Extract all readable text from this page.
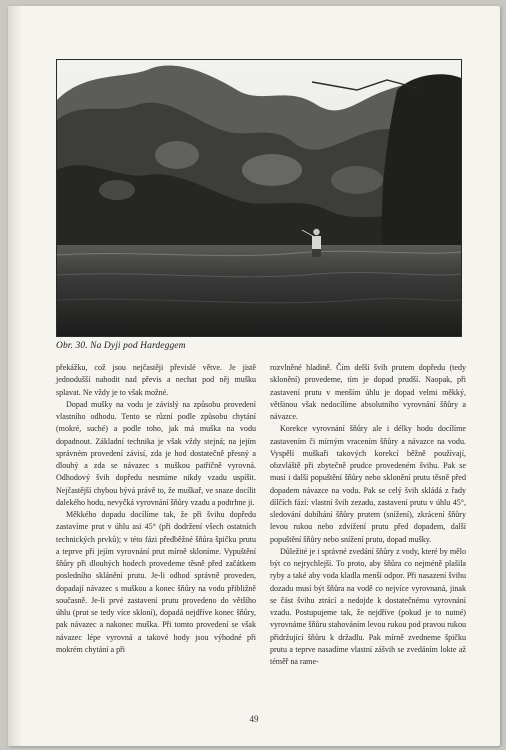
Obr. 30. Na Dyji pod Hardeggem

překážku, což jsou nejčastěji převislé větve. Je jistě jednodušší nahodit nad převis a nechat pod něj mušku splavat. Ne vždy je to však možné.

Dopad mušky na vodu je závislý na způsobu provedení vlastního odhodu. Tento se různí podle způsobu chytání (mokré, suché) a podle toho, jak má muška na vodu dopadnout. Základní technika je však vždy stejná; na jejím správném provedení závisí, zda je hod dostatečně přesný a dlouhý a zda se návazec s muškou patřičně vyrovná. Odhodový švih dopředu nesmíme nikdy vzadu uspíšit. Nejčastější chybou bývá právě to, že muškař, ve snaze docílit dalekého hodu, nevyčká vyrovnání šňůry vzadu a podtrhne ji.

Měkkého dopadu docílíme tak, že při švihu dopředu zastavíme prut v úhlu asi 45° (při dodržení všech ostatních technických prvků); v této fázi předběžné šňůra špičku prutu a teprve při jejím vyrovnání prut mírně skloníme. Vypuštění šňůry při dlouhých hodech provedeme těsně před začátkem posledního sklánění prutu. Je-li odhod správně proveden, dopadají návazec s muškou a konec šňůry na vodu přibližně současně. Je-li prvé zastavení prutu provedeno do většího úhlu (prut se tedy více skloní), dopadá nejdříve konec šňůry, pak návazec a nakonec muška. Při tomto provedení se však návazec lépe vyrovná a takové hody jsou výhodné při mokrém chytání a při

rozvlněné hladině. Čím delší švih prutem dopředu (tedy sklonění) provedeme, tím je dopad prudší. Naopak, při zastavení prutu v menším úhlu je dopad velmi měkký, většinou však nedocílíme absolutního vyrovnání šňůry a návazce.

Korekce vyrovnání šňůry ale i délky hodu docílíme zastavením či mírným vracením šňůry a návazce na vodu. Vyspělí muškaři takových korekcí běžně používají, obzvláště při zbytečně prudce provedeném švihu. Pak se musí i další popuštění šňůry nebo sklonění prutu těsně před dopadem návazce na vodu. Pak se celý švih skládá z řady dílčích fází: vlastní švih zezadu, zastavení prutu v úhlu 45°, sledování dobíhání šňůry prutem (snížení), zkrácení šňůry levou rukou nebo zdvižení prutu před dopadem, další popuštění šňůry nebo snížení prutu, dopad mušky.

Důležité je i správné zvedání šňůry z vody, které by mělo být co nejrychlejší. To proto, aby šňůra co nejméně plašila ryby a také aby voda kladla menší odpor. Při nasazení švihu dozadu musí být šňůra na vodě co nejvíce vyrovnaná, jinak se část švihu ztrácí a nedojde k dostatečnému vyrovnání vzadu. Postupujeme tak, že nejdříve (pokud je to nutné) vyrovnáme šňůru stahováním levou rukou pod pravou rukou přidržující šňůru k držadlu. Pak mírně zvedneme špičku prutu a teprve nasadíme vlastní zášvih se zvedáním lokte až téměř na rame-

49
